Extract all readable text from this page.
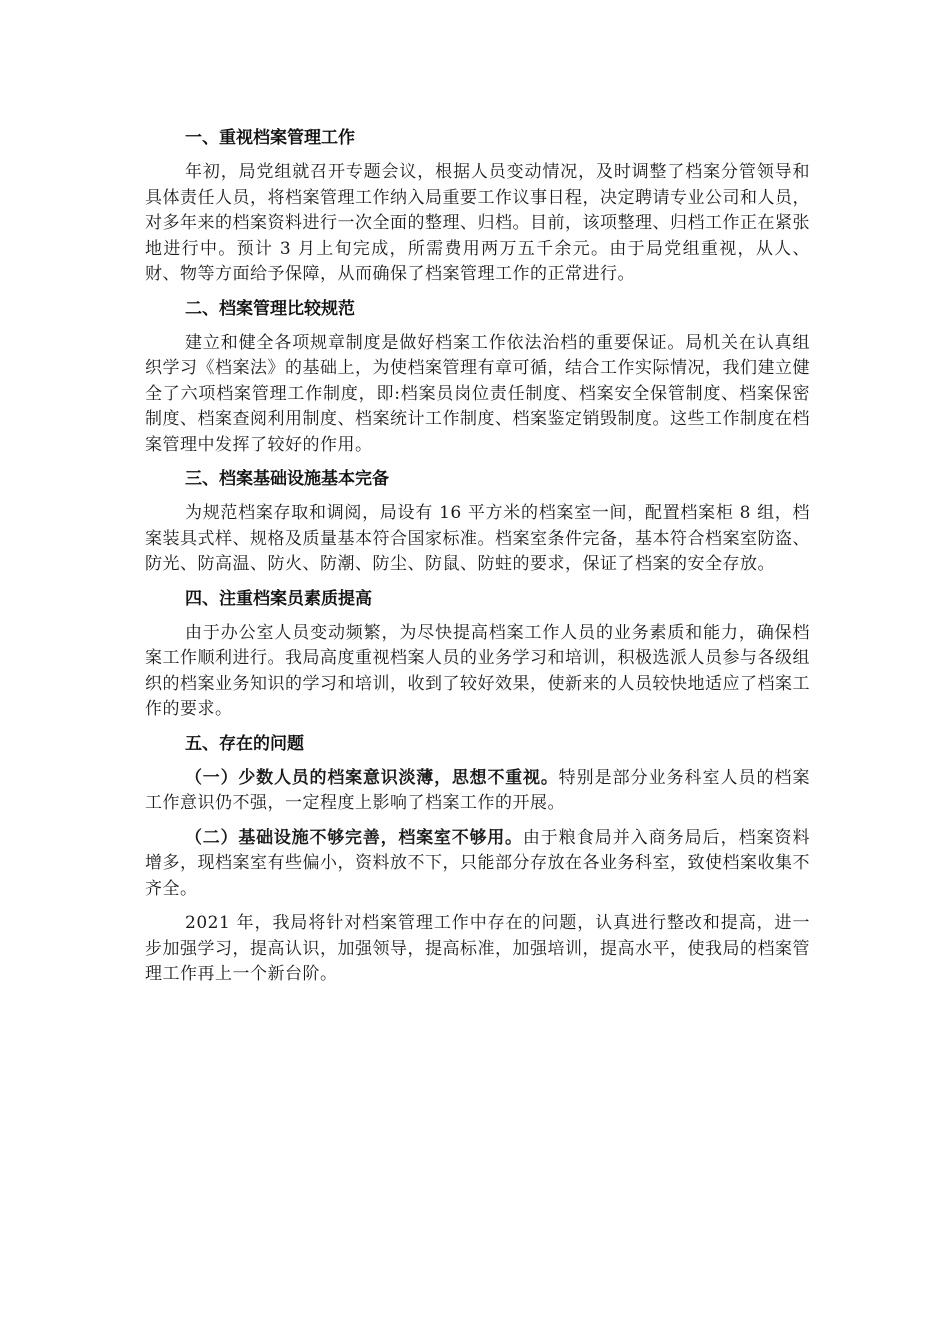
一、重视档案管理工作

年初，局党组就召开专题会议，根据人员变动情况，及时调整了档案分管领导和具体责任人员，将档案管理工作纳入局重要工作议事日程，决定聘请专业公司和人员，对多年来的档案资料进行一次全面的整理、归档。目前，该项整理、归档工作正在紧张地进行中。预计 3 月上旬完成，所需费用两万五千余元。由于局党组重视，从人、财、物等方面给予保障，从而确保了档案管理工作的正常进行。

二、档案管理比较规范

建立和健全各项规章制度是做好档案工作依法治档的重要保证。局机关在认真组织学习《档案法》的基础上，为使档案管理有章可循，结合工作实际情况，我们建立健全了六项档案管理工作制度，即:档案员岗位责任制度、档案安全保管制度、档案保密制度、档案查阅利用制度、档案统计工作制度、档案鉴定销毁制度。这些工作制度在档案管理中发挥了较好的作用。

三、档案基础设施基本完备

为规范档案存取和调阅，局设有 16 平方米的档案室一间，配置档案柜 8 组，档案装具式样、规格及质量基本符合国家标准。档案室条件完备，基本符合档案室防盗、防光、防高温、防火、防潮、防尘、防鼠、防蛀的要求，保证了档案的安全存放。

四、注重档案员素质提高

由于办公室人员变动频繁，为尽快提高档案工作人员的业务素质和能力，确保档案工作顺利进行。我局高度重视档案人员的业务学习和培训，积极选派人员参与各级组织的档案业务知识的学习和培训，收到了较好效果，使新来的人员较快地适应了档案工作的要求。

五、存在的问题

（一）少数人员的档案意识淡薄，思想不重视。特别是部分业务科室人员的档案工作意识仍不强，一定程度上影响了档案工作的开展。

（二）基础设施不够完善，档案室不够用。由于粮食局并入商务局后，档案资料增多，现档案室有些偏小，资料放不下，只能部分存放在各业务科室，致使档案收集不齐全。

2021 年，我局将针对档案管理工作中存在的问题，认真进行整改和提高，进一步加强学习，提高认识，加强领导，提高标准，加强培训，提高水平，使我局的档案管理工作再上一个新台阶。
